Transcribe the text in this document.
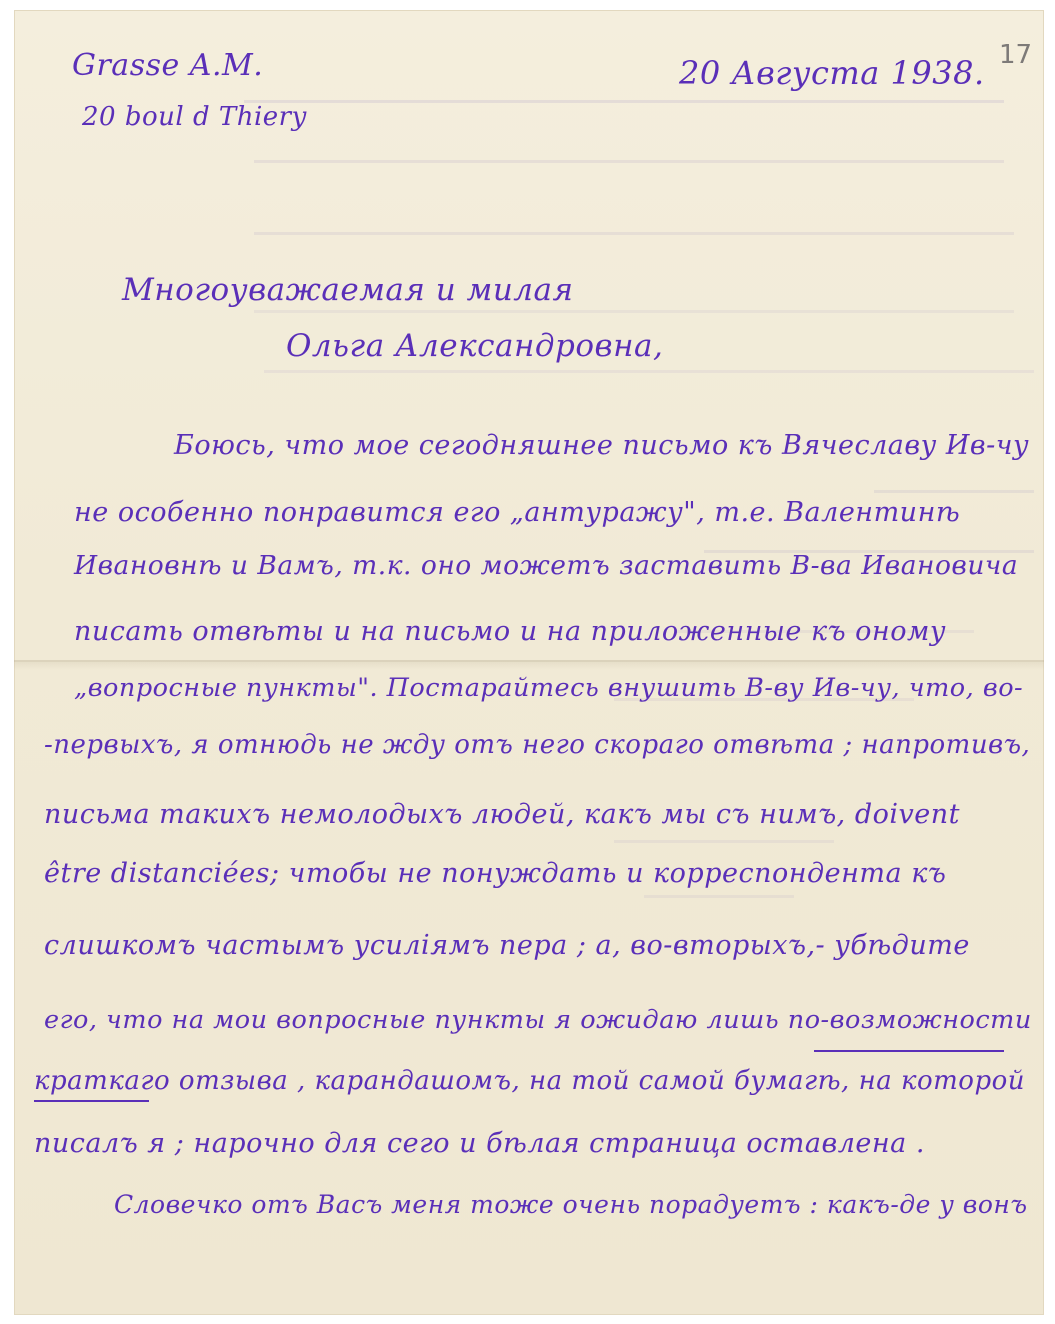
17
Grasse A.M.
20 boul d Thiery
20 Августа 1938.
Многоуважаемая и милая
Ольга Александровна,
Боюсь, что мое сегодняшнее письмо къ Вячеславу Ив-чу
не особенно понравится его „антуражу", т.е. Валентинѣ
Ивановнѣ и Вамъ, т.к. оно можетъ заставить В-ва Ивановича
писать отвѣты и на письмо и на приложенные къ оному
„вопросные пункты". Постарайтесь внушить В-ву Ив-чу, что, во-
-первыхъ, я отнюдь не жду отъ него скораго отвѣта ; напротивъ,
письма такихъ немолодыхъ людей, какъ мы съ нимъ, doivent
être distanciées; чтобы не понуждать и корреспондента къ
слишкомъ частымъ усиліямъ пера ; а, во-вторыхъ,- убѣдите
его, что на мои вопросные пункты я ожидаю лишь по-возможности
краткаго отзыва , карандашомъ, на той самой бумагѣ, на которой
писалъ я ; нарочно для сего и бѣлая страница оставлена .
Словечко отъ Васъ меня тоже очень порадуетъ : какъ-де у вонъ
